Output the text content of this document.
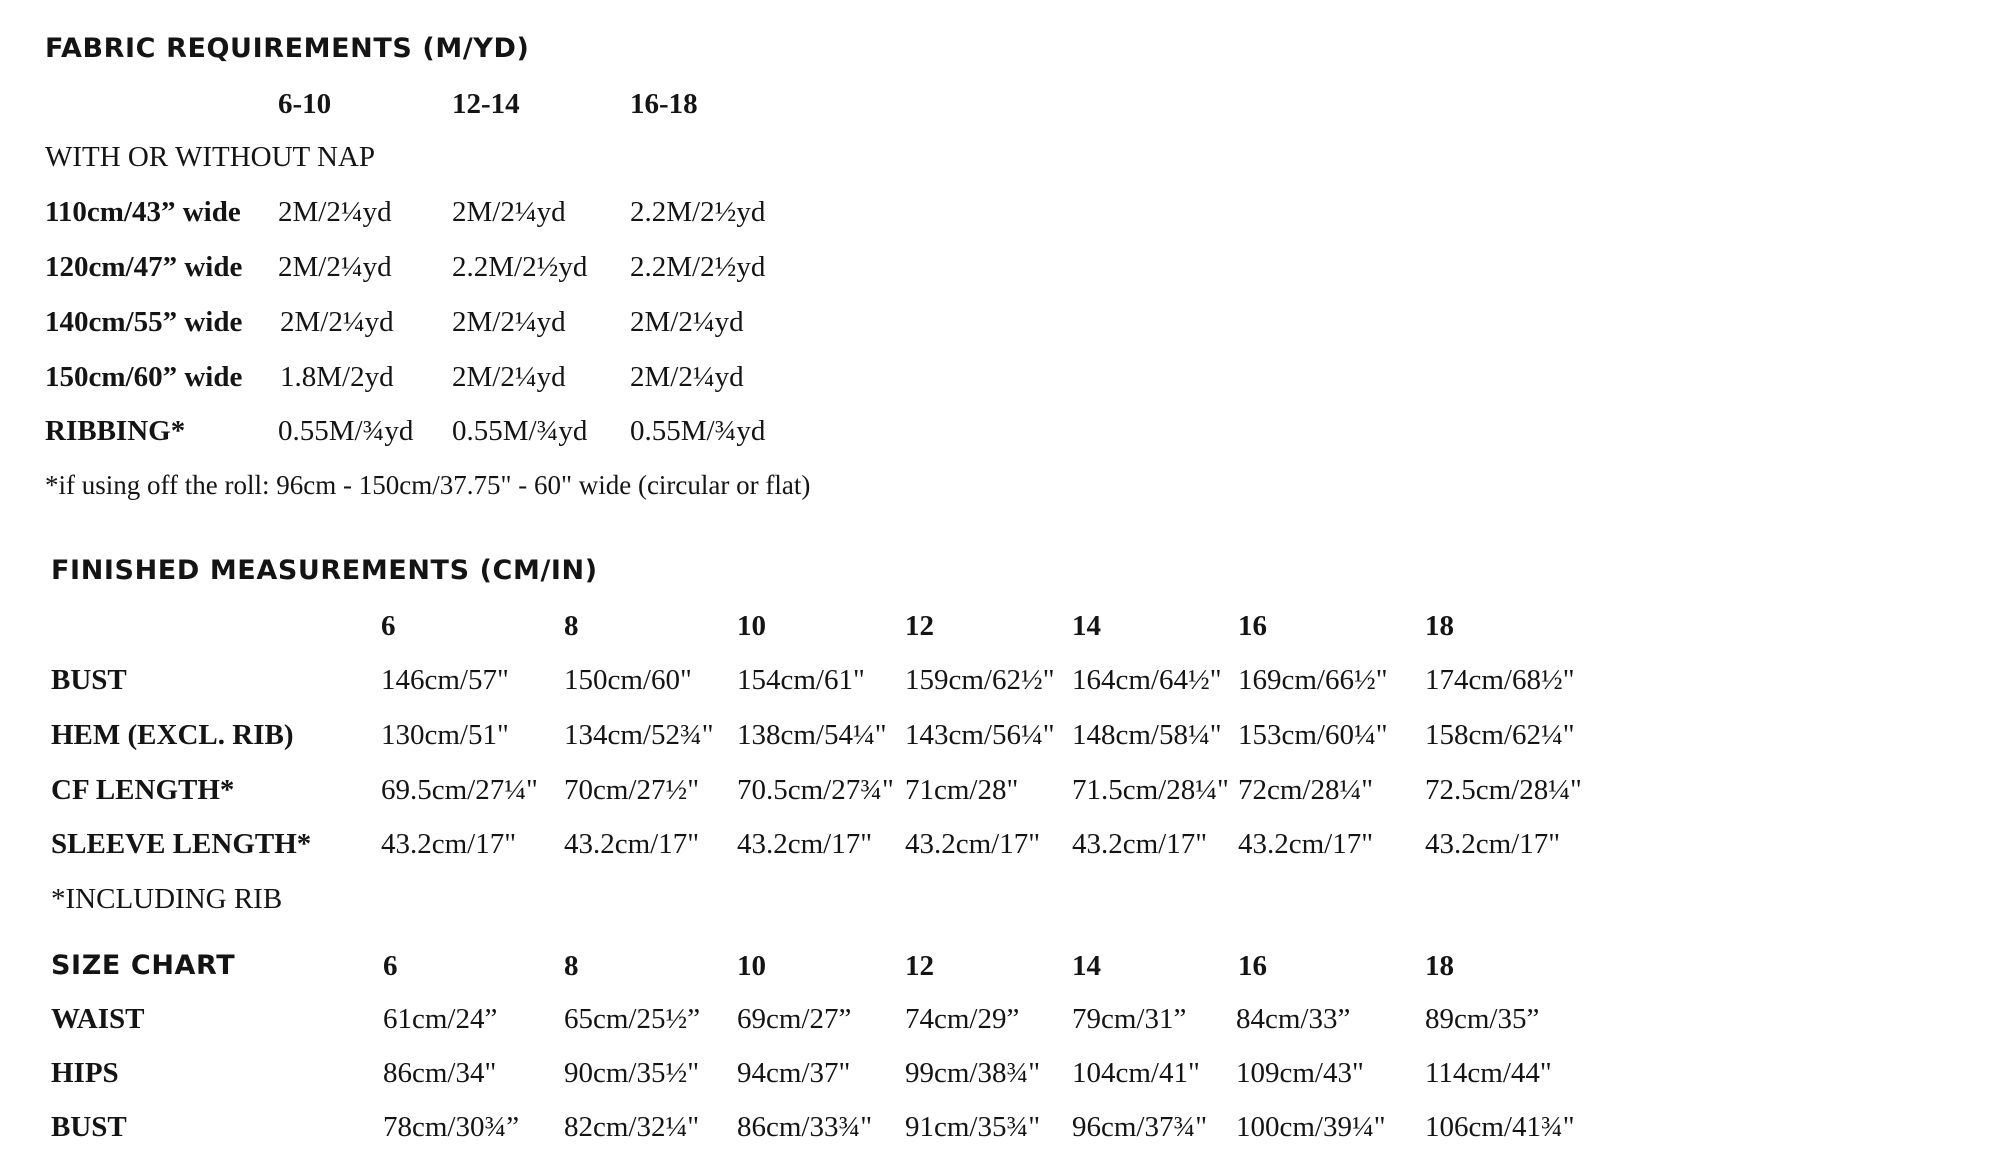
FABRIC REQUIREMENTS (M/YD)
6-10	12-14	16-18
WITH OR WITHOUT NAP
110cm/43” wide 2M/2¼yd 2M/2¼yd 2.2M/2½yd
120cm/47” wide 2M/2¼yd 2.2M/2½yd 2.2M/2½yd
140cm/55” wide 2M/2¼yd 2M/2¼yd 2M/2¼yd
150cm/60” wide 1.8M/2yd 2M/2¼yd 2M/2¼yd
RIBBING*	0.55M/¾yd 0.55M/¾yd 0.55M/¾yd
*if using off the roll: 96cm - 150cm/37.75" - 60" wide (circular or flat)
FINISHED MEASUREMENTS (CM/IN)
6	8	10	12	14	16	18
BUST	146cm/57" 150cm/60" 154cm/61" 159cm/62½" 164cm/64½" 169cm/66½" 174cm/68½"
HEM (EXCL. RIB)	130cm/51" 134cm/52¾" 138cm/54¼" 143cm/56¼" 148cm/58¼" 153cm/60¼" 158cm/62¼"
CF LENGTH*	69.5cm/27¼" 70cm/27½" 70.5cm/27¾" 71cm/28" 71.5cm/28¼" 72cm/28¼" 72.5cm/28¼"
SLEEVE LENGTH* 43.2cm/17" 43.2cm/17" 43.2cm/17" 43.2cm/17" 43.2cm/17" 43.2cm/17" 43.2cm/17"
*INCLUDING RIB
SIZE CHART	6	8	10	12	14	16	18
WAIST	61cm/24” 65cm/25½” 69cm/27” 74cm/29” 79cm/31” 84cm/33”	89cm/35”
HIPS	86cm/34" 90cm/35½" 94cm/37" 99cm/38¾" 104cm/41" 109cm/43" 114cm/44"
BUST	78cm/30¾” 82cm/32¼" 86cm/33¾" 91cm/35¾" 96cm/37¾" 100cm/39¼" 106cm/41¾"
